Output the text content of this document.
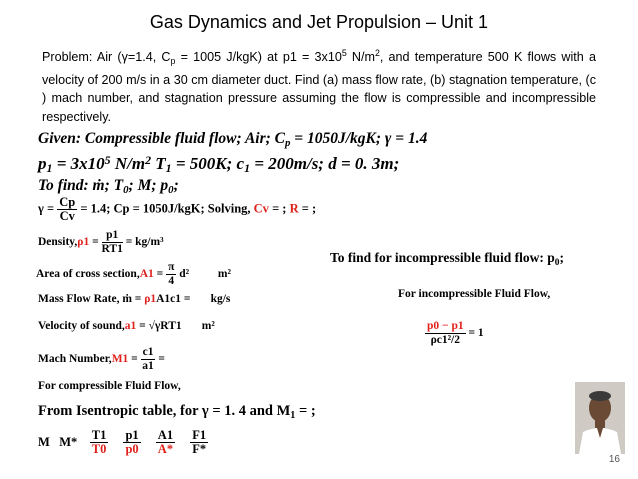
Gas Dynamics and Jet Propulsion – Unit 1
Problem: Air (γ=1.4, $C_p = 1005$ J/kgK) at $p1 = 3x10^5$ $N/m^2$, and temperature 500 K flows with a velocity of 200 m/s in a 30 cm diameter duct. Find (a) mass flow rate, (b) stagnation temperature, (c ) mach number, and stagnation pressure assuming the flow is compressible and incompressible respectively.
Given: Compressible fluid flow; Air; $C_p = 1050J/kgK$; γ = 1.4
$p_1 = 3x10^5$ $N/m^2$ $T_1 = 500K$; $c_1 = 200m/s$; d = 0. 3m;
To find: ṁ; $T_0$; M; $p_0$;
$\gamma = \frac{Cp}{Cv} = 1.4$; Cp = 1050J/kgK; Solving, Cv = ; R = ;
Density,ρ1 = $\frac{p1}{RT1} = kg/m^3$
Area of cross section,A1 = $\frac{\pi}{4} d^2$	m²
Mass Flow Rate, ṁ = ρ1A1c1 = kg/s
Velocity of sound,a1 = √γRT1 m²
Mach Number,M1 = $\frac{c1}{a1}$ =
For compressible Fluid Flow,
From Isentropic table, for γ = 1. 4 and $M_1$ = ;
M $M* \frac{T1}{T0}$
$\frac{p1}{p0}$
$\frac{A1}{A*}$
$\frac{F1}{F*}$
To find for incompressible fluid flow: $p_0$;
For incompressible Fluid Flow,
$\frac{p0 - p1}{\text{ρc1²/2}} = 1$
16
